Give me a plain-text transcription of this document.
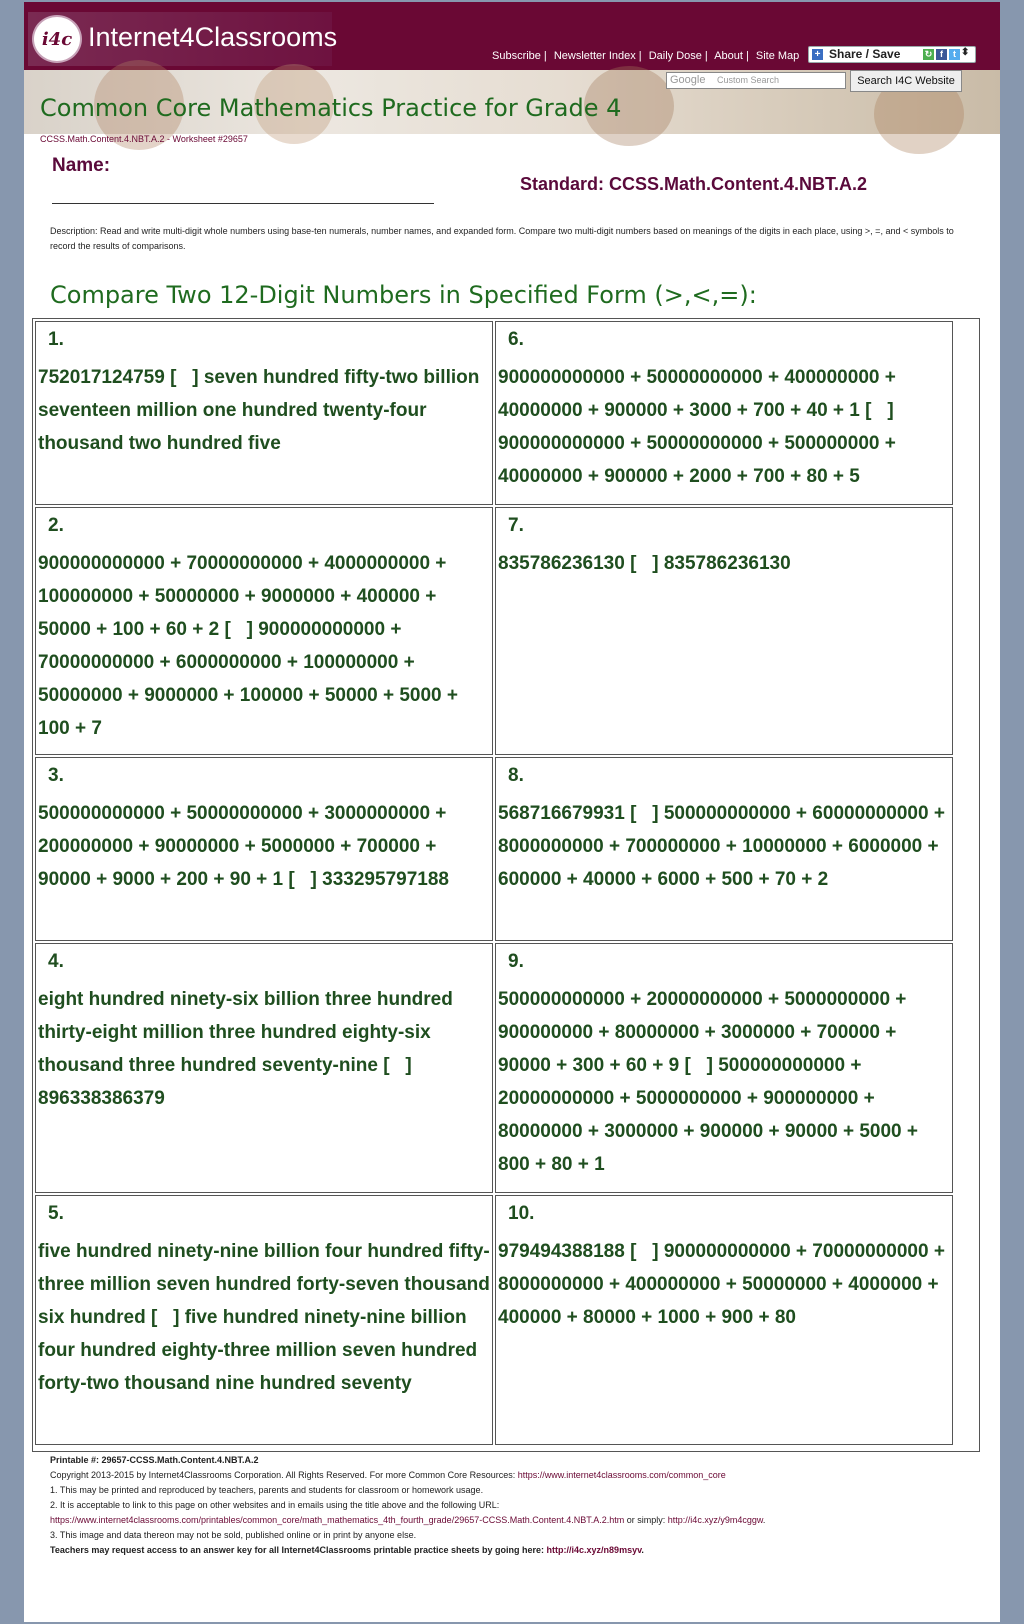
i4c Internet4Classrooms
Subscribe | Newsletter Index | Daily Dose | About | Site Map + Share / Save	↻ f	t ⬍
Google Custom Search	Search I4C Website
Common Core Mathematics Practice for Grade 4
CCSS.Math.Content.4.NBT.A.2 - Worksheet #29657
Name:
Standard: CCSS.Math.Content.4.NBT.A.2
Description: Read and write multi-digit whole numbers using base-ten numerals, number names, and expanded form. Compare two multi-digit numbers based on meanings of the digits in each place, using >, =, and < symbols to record the results of comparisons.
Compare Two 12-Digit Numbers in Specified Form (>,<,=):
1.
752017124759 [   ] seven hundred fifty-two billion seventeen million one hundred twenty-four thousand two hundred five
2.
900000000000 + 70000000000 + 4000000000 + 100000000 + 50000000 + 9000000 + 400000 + 50000 + 100 + 60 + 2 [   ] 900000000000 + 70000000000 + 6000000000 + 100000000 + 50000000 + 9000000 + 100000 + 50000 + 5000 + 100 + 7
3.
500000000000 + 50000000000 + 3000000000 + 200000000 + 90000000 + 5000000 + 700000 + 90000 + 9000 + 200 + 90 + 1 [   ] 333295797188
4.
eight hundred ninety-six billion three hundred thirty-eight million three hundred eighty-six thousand three hundred seventy-nine [   ] 896338386379
5.
five hundred ninety-nine billion four hundred fifty-three million seven hundred forty-seven thousand six hundred [   ] five hundred ninety-nine billion four hundred eighty-three million seven hundred forty-two thousand nine hundred seventy
6.
900000000000 + 50000000000 + 400000000 + 40000000 + 900000 + 3000 + 700 + 40 + 1 [   ] 900000000000 + 50000000000 + 500000000 + 40000000 + 900000 + 2000 + 700 + 80 + 5
7.
835786236130 [   ] 835786236130
8.
568716679931 [   ] 500000000000 + 60000000000 + 8000000000 + 700000000 + 10000000 + 6000000 + 600000 + 40000 + 6000 + 500 + 70 + 2
9.
500000000000 + 20000000000 + 5000000000 + 900000000 + 80000000 + 3000000 + 700000 + 90000 + 300 + 60 + 9 [   ] 500000000000 + 20000000000 + 5000000000 + 900000000 + 80000000 + 3000000 + 900000 + 90000 + 5000 + 800 + 80 + 1
10.
979494388188 [   ] 900000000000 + 70000000000 + 8000000000 + 400000000 + 50000000 + 4000000 + 400000 + 80000 + 1000 + 900 + 80
Printable #: 29657-CCSS.Math.Content.4.NBT.A.2
Copyright 2013-2015 by Internet4Classrooms Corporation. All Rights Reserved. For more Common Core Resources: https://www.internet4classrooms.com/common_core
1. This may be printed and reproduced by teachers, parents and students for classroom or homework usage.
2. It is acceptable to link to this page on other websites and in emails using the title above and the following URL:
https://www.internet4classrooms.com/printables/common_core/math_mathematics_4th_fourth_grade/29657-CCSS.Math.Content.4.NBT.A.2.htm or simply: http://i4c.xyz/y9m4cggw.
3. This image and data thereon may not be sold, published online or in print by anyone else.
Teachers may request access to an answer key for all Internet4Classrooms printable practice sheets by going here: http://i4c.xyz/n89msyv.
